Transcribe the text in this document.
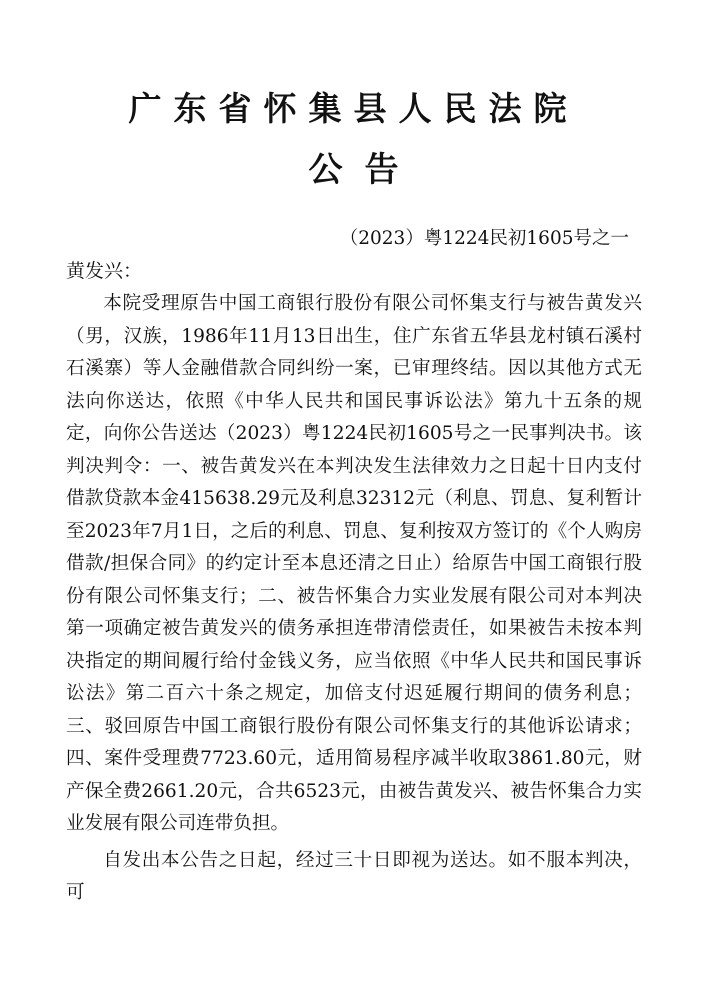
广东省怀集县人民法院
公告
（2023）粤1224民初1605号之一
黄发兴：

本院受理原告中国工商银行股份有限公司怀集支行与被告黄发兴（男，汉族，1986年11月13日出生，住广东省五华县龙村镇石溪村石溪寨）等人金融借款合同纠纷一案，已审理终结。因以其他方式无法向你送达，依照《中华人民共和国民事诉讼法》第九十五条的规定，向你公告送达（2023）粤1224民初1605号之一民事判决书。该判决判令：一、被告黄发兴在本判决发生法律效力之日起十日内支付借款贷款本金415638.29元及利息32312元（利息、罚息、复利暂计至2023年7月1日，之后的利息、罚息、复利按双方签订的《个人购房借款/担保合同》的约定计至本息还清之日止）给原告中国工商银行股份有限公司怀集支行；二、被告怀集合力实业发展有限公司对本判决第一项确定被告黄发兴的债务承担连带清偿责任，如果被告未按本判决指定的期间履行给付金钱义务，应当依照《中华人民共和国民事诉讼法》第二百六十条之规定，加倍支付迟延履行期间的债务利息；三、驳回原告中国工商银行股份有限公司怀集支行的其他诉讼请求；四、案件受理费7723.60元，适用简易程序减半收取3861.80元，财产保全费2661.20元，合共6523元，由被告黄发兴、被告怀集合力实业发展有限公司连带负担。

自发出本公告之日起，经过三十日即视为送达。如不服本判决，可
